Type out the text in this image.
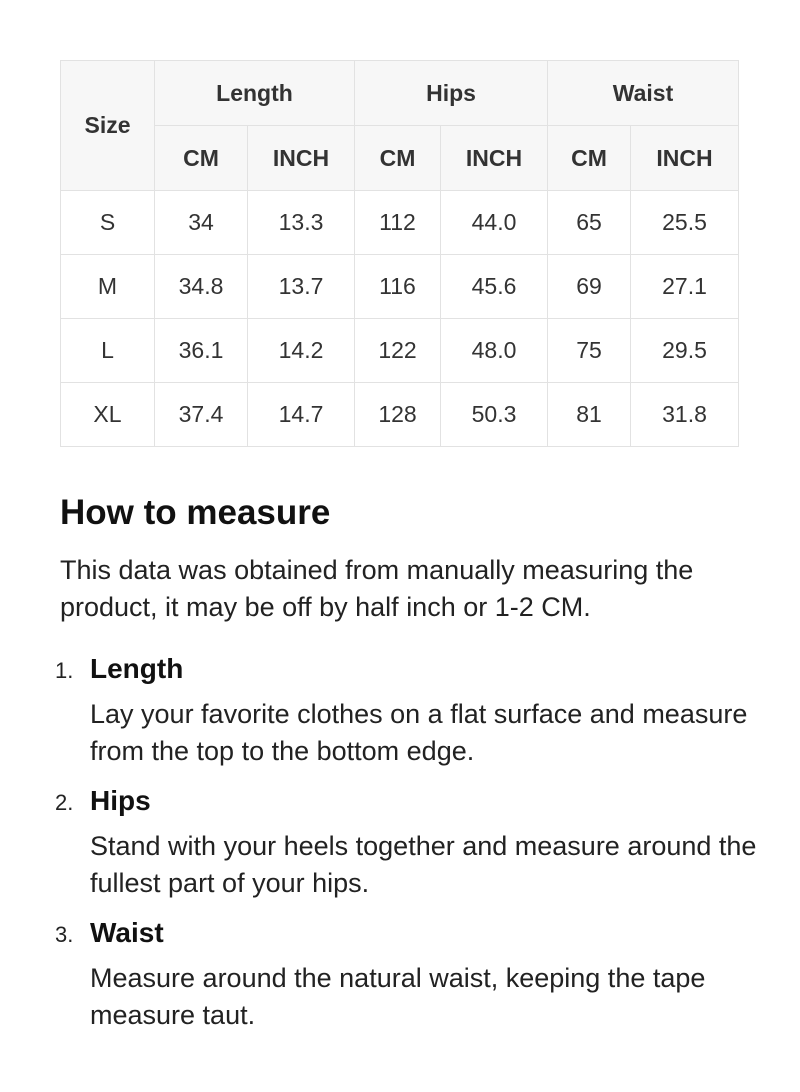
Size	Length		Hips		Waist	
	CM	INCH	CM	INCH	CM	INCH
S	34	13.3	112	44.0	65	25.5
M	34.8	13.7	116	45.6	69	27.1
L	36.1	14.2	122	48.0	75	29.5
XL	37.4	14.7	128	50.3	81	31.8
How to measure

This data was obtained from manually measuring the product, it may be off by half inch or 1-2 CM.

1. Length

Lay your favorite clothes on a flat surface and measure from the top to the bottom edge.

2. Hips

Stand with your heels together and measure around the fullest part of your hips.

3. Waist

Measure around the natural waist, keeping the tape measure taut.
